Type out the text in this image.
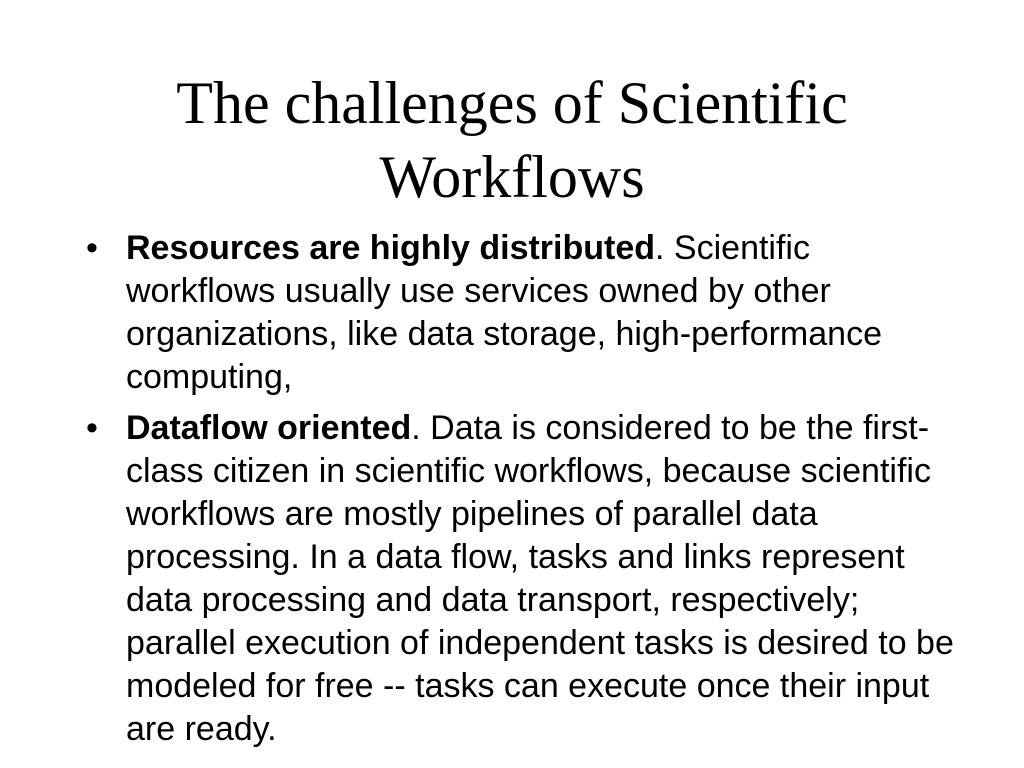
The challenges of Scientific
Workflows
• Resources are highly distributed. Scientific workflows usually use services owned by other organizations, like data storage, high-performance computing,
• Dataflow oriented. Data is considered to be the first-class citizen in scientific workflows, because scientific workflows are mostly pipelines of parallel data processing. In a data flow, tasks and links represent data processing and data transport, respectively; parallel execution of independent tasks is desired to be modeled for free -- tasks can execute once their input are ready.
